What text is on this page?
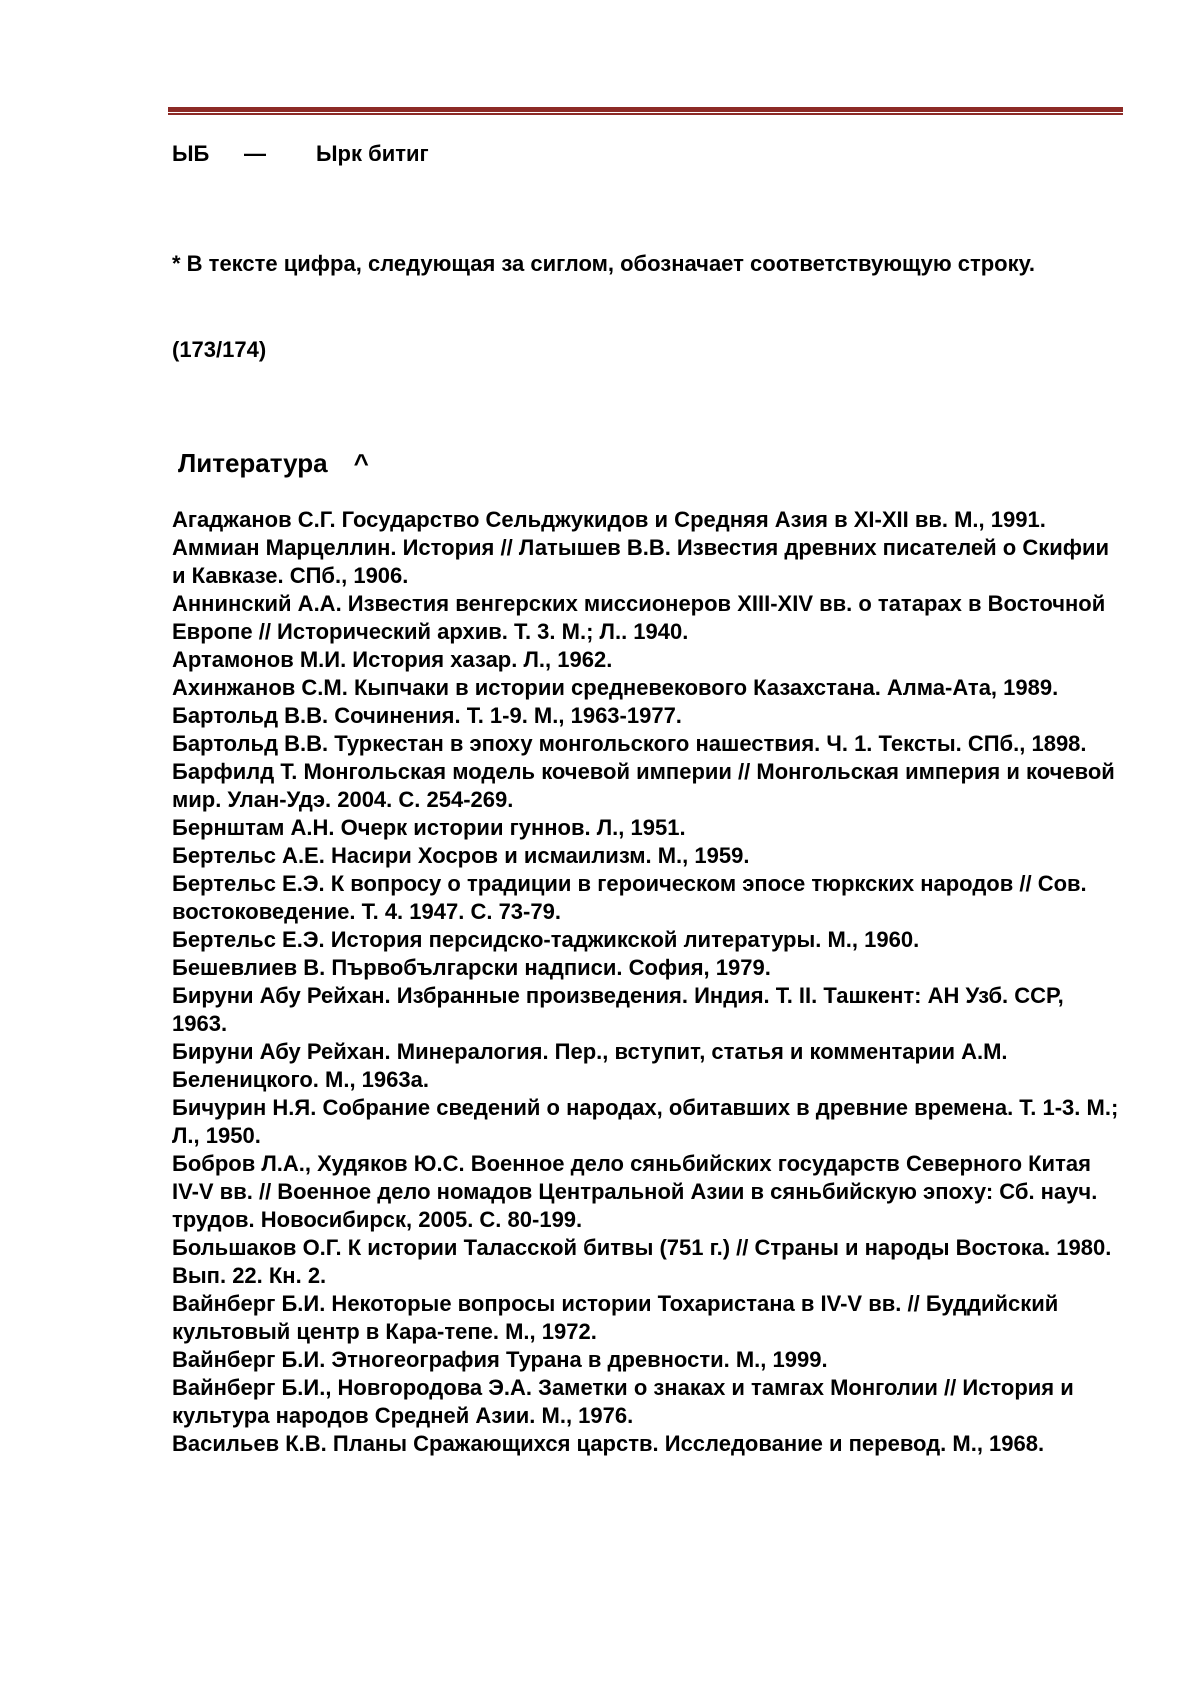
ЫБ — Ырк битиг
* В тексте цифра, следующая за сиглом, обозначает соответствующую строку.
(173/174)
Литература ^
Агаджанов С.Г. Государство Сельджукидов и Средняя Азия в XI-XII вв. М., 1991.
Аммиан Марцеллин. История // Латышев В.В. Известия древних писателей о Скифии и Кавказе. СПб., 1906.
Аннинский А.А. Известия венгерских миссионеров XIII-XIV вв. о татарах в Восточной Европе // Исторический архив. Т. 3. М.; Л.. 1940.
Артамонов М.И. История хазар. Л., 1962.
Ахинжанов С.М. Кыпчаки в истории средневекового Казахстана. Алма-Ата, 1989.
Бартольд В.В. Сочинения. Т. 1-9. М., 1963-1977.
Бартольд В.В. Туркестан в эпоху монгольского нашествия. Ч. 1. Тексты. СПб., 1898.
Барфилд Т. Монгольская модель кочевой империи // Монгольская империя и кочевой мир. Улан-Удэ. 2004. С. 254-269.
Бернштам А.Н. Очерк истории гуннов. Л., 1951.
Бертельс А.Е. Насири Хосров и исмаилизм. М., 1959.
Бертельс Е.Э. К вопросу о традиции в героическом эпосе тюркских народов // Сов. востоковедение. Т. 4. 1947. С. 73-79.
Бертельс Е.Э. История персидско-таджикской литературы. М., 1960.
Бешевлиев В. Първобългарски надписи. София, 1979.
Бируни Абу Рейхан. Избранные произведения. Индия. Т. II. Ташкент: АН Узб. ССР, 1963.
Бируни Абу Рейхан. Минералогия. Пер., вступит, статья и комментарии А.М. Беленицкого. М., 1963а.
Бичурин Н.Я. Собрание сведений о народах, обитавших в древние времена. Т. 1-3. М.; Л., 1950.
Бобров Л.А., Худяков Ю.С. Военное дело сяньбийских государств Северного Китая IV-V вв. // Военное дело номадов Центральной Азии в сяньбийскую эпоху: Сб. науч. трудов. Новосибирск, 2005. С. 80-199.
Большаков О.Г. К истории Таласской битвы (751 г.) // Страны и народы Востока. 1980. Вып. 22. Кн. 2.
Вайнберг Б.И. Некоторые вопросы истории Тохаристана в IV-V вв. // Буддийский культовый центр в Кара-тепе. М., 1972.
Вайнберг Б.И. Этногеография Турана в древности. М., 1999.
Вайнберг Б.И., Новгородова Э.А. Заметки о знаках и тамгах Монголии // История и культура народов Средней Азии. М., 1976.
Васильев К.В. Планы Сражающихся царств. Исследование и перевод. М., 1968.
